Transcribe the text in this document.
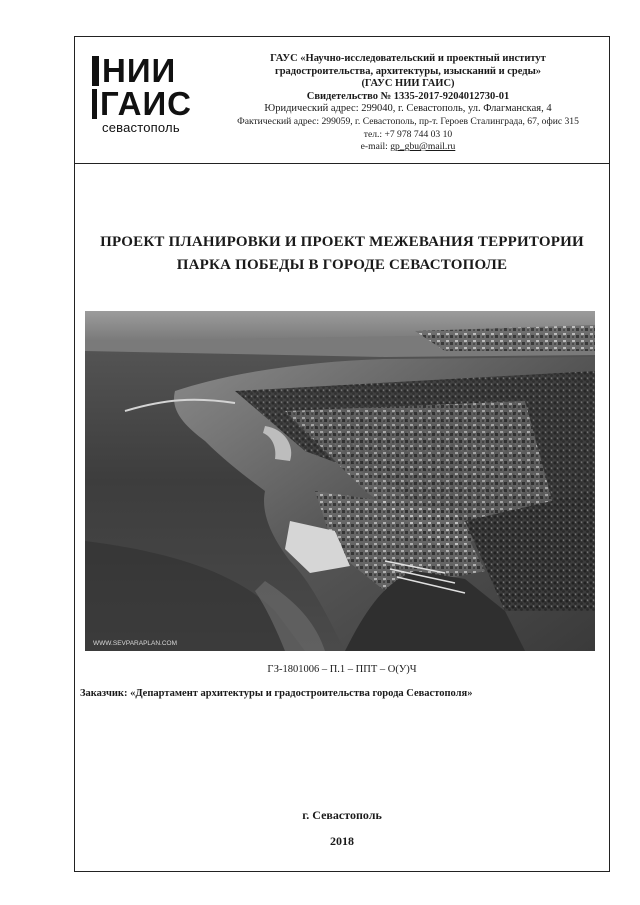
НИИ
ГАИС
севастополь
ГАУС «Научно-исследовательский и проектный институт
градостроительства, архитектуры, изысканий и среды»
(ГАУС НИИ ГАИС)
Свидетельство № 1335-2017-9204012730-01
Юридический адрес: 299040, г. Севастополь, ул. Флагманская, 4
Фактический адрес: 299059, г. Севастополь, пр-т. Героев Сталинграда, 67, офис 315
тел.: +7 978 744 03 10
e-mail: gp_gbu@mail.ru
ПРОЕКТ ПЛАНИРОВКИ И ПРОЕКТ МЕЖЕВАНИЯ ТЕРРИТОРИИ
ПАРКА ПОБЕДЫ В ГОРОДЕ СЕВАСТОПОЛЕ
WWW.SEVPARAPLAN.COM
ГЗ-1801006 – П.1 – ППТ – О(У)Ч
Заказчик: «Департамент архитектуры и градостроительства города Севастополя»
г. Севастополь
2018
